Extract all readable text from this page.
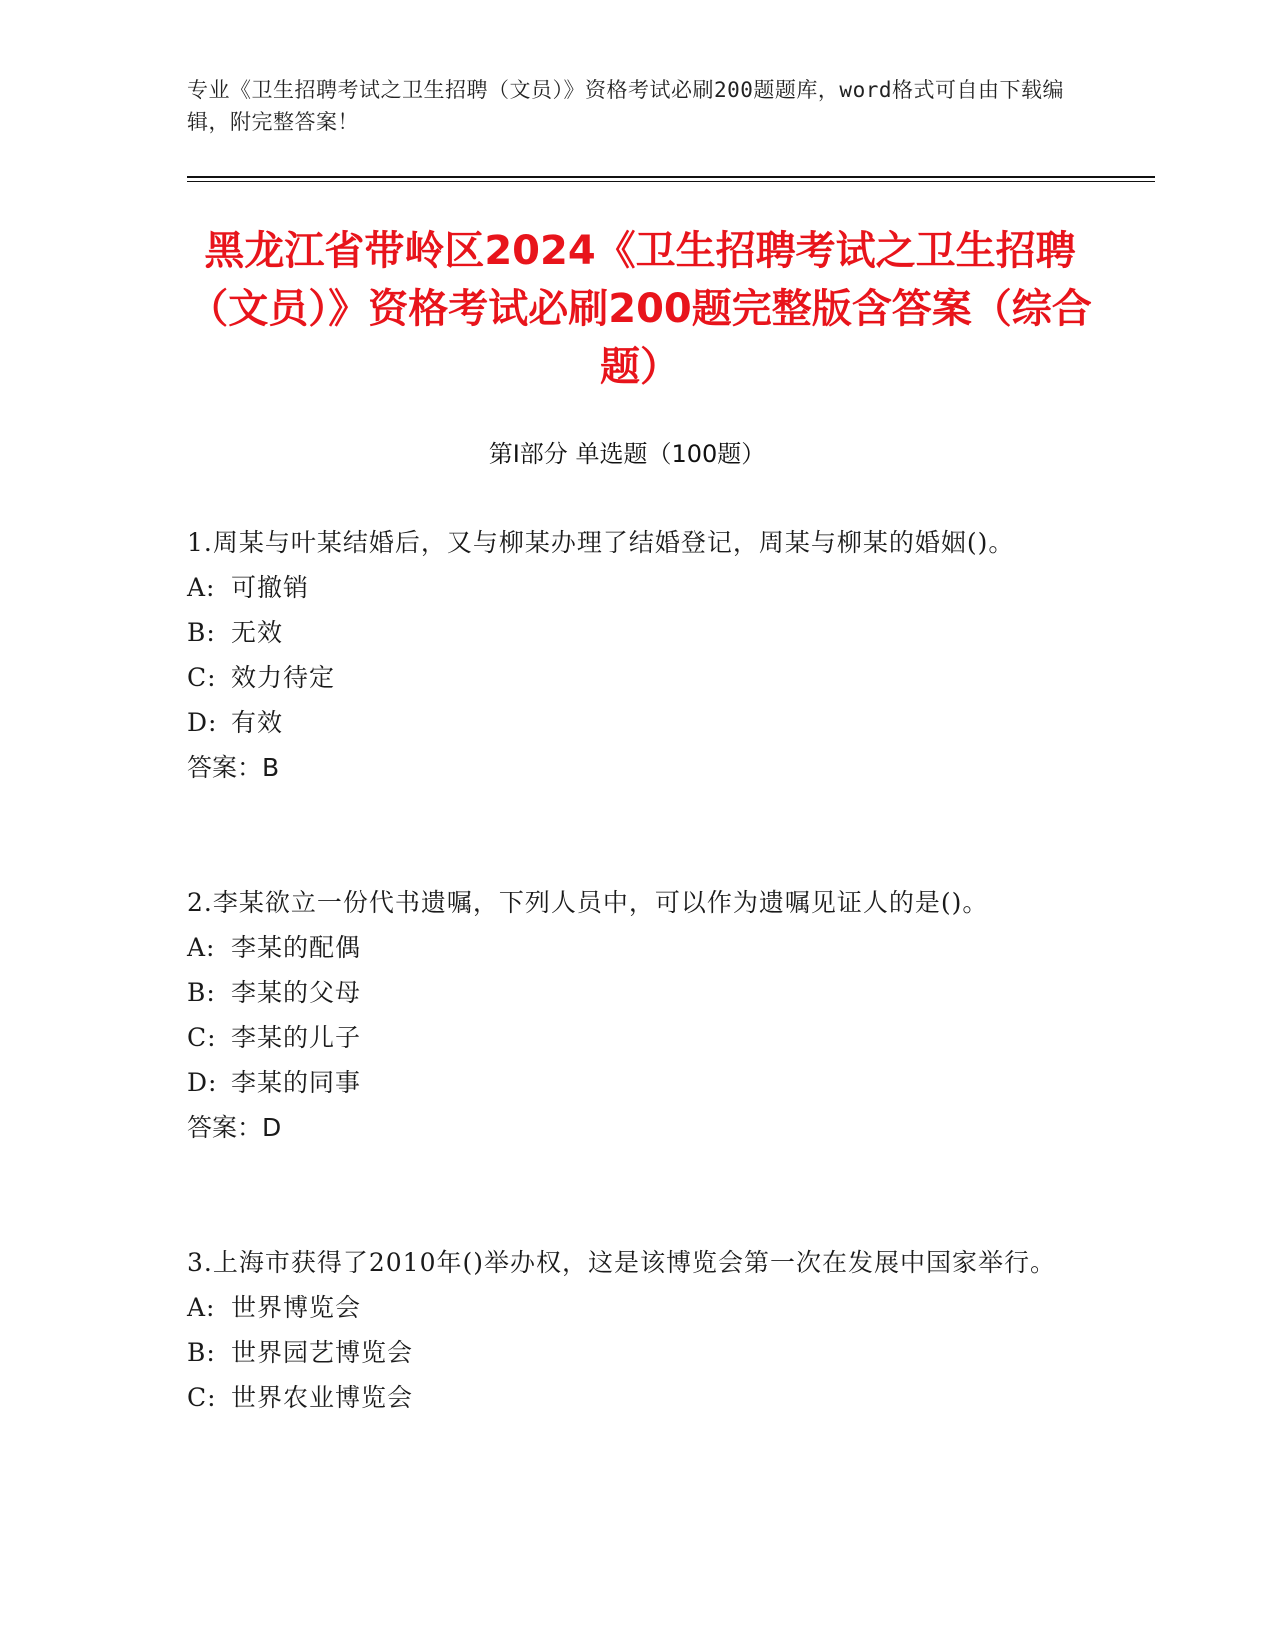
专业《卫生招聘考试之卫生招聘（文员）》资格考试必刷200题题库，word格式可自由下载编辑，附完整答案！
黑龙江省带岭区2024《卫生招聘考试之卫生招聘（文员）》资格考试必刷200题完整版含答案（综合题）
第Ⅰ部分 单选题（100题）

1.周某与叶某结婚后，又与柳某办理了结婚登记，周某与柳某的婚姻()。

A: 可撤销

B: 无效

C: 效力待定

D: 有效

答案：B

2.李某欲立一份代书遗嘱，下列人员中，可以作为遗嘱见证人的是()。

A: 李某的配偶

B: 李某的父母

C: 李某的儿子

D: 李某的同事

答案：D

3.上海市获得了2010年()举办权，这是该博览会第一次在发展中国家举行。

A: 世界博览会

B: 世界园艺博览会

C: 世界农业博览会
